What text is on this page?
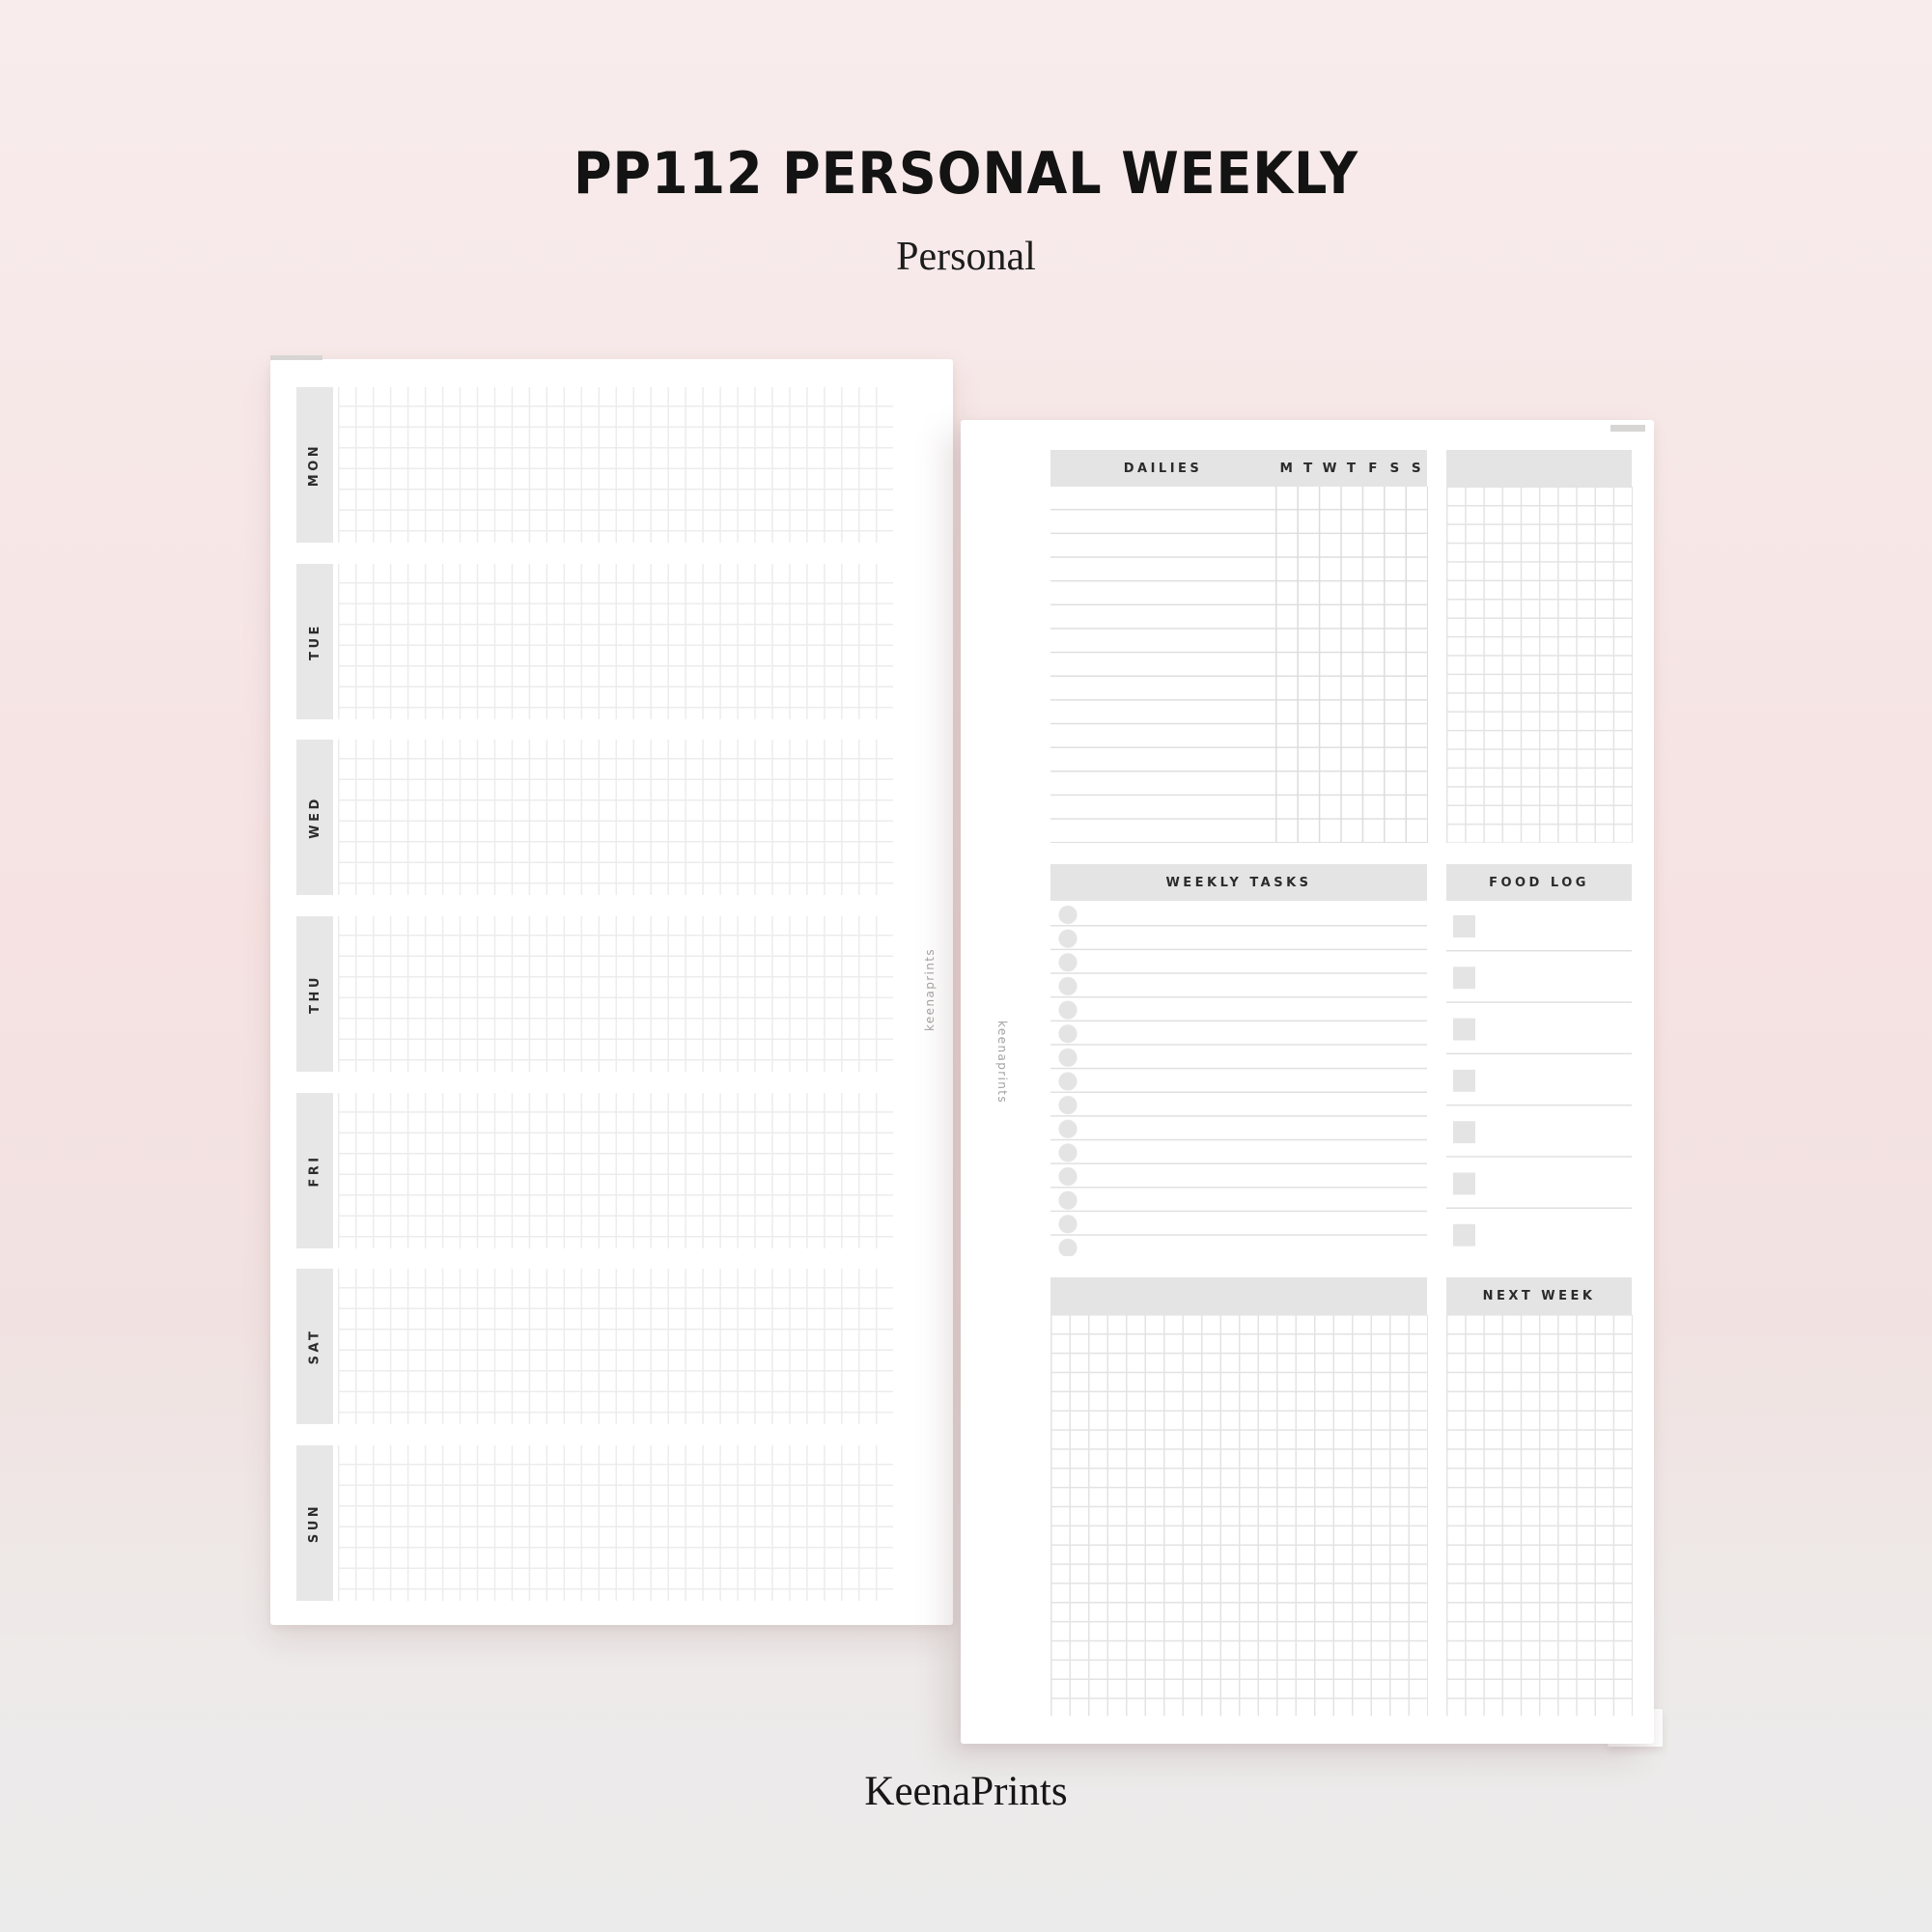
PP112 PERSONAL WEEKLY
Personal
MON
TUE
WED
THU
FRI
SAT
SUN
DAILIES	M T W T F S S
WEEKLY TASKS	FOOD LOG
NEXT WEEK
keenaprints
keenaprints
KeenaPrints
